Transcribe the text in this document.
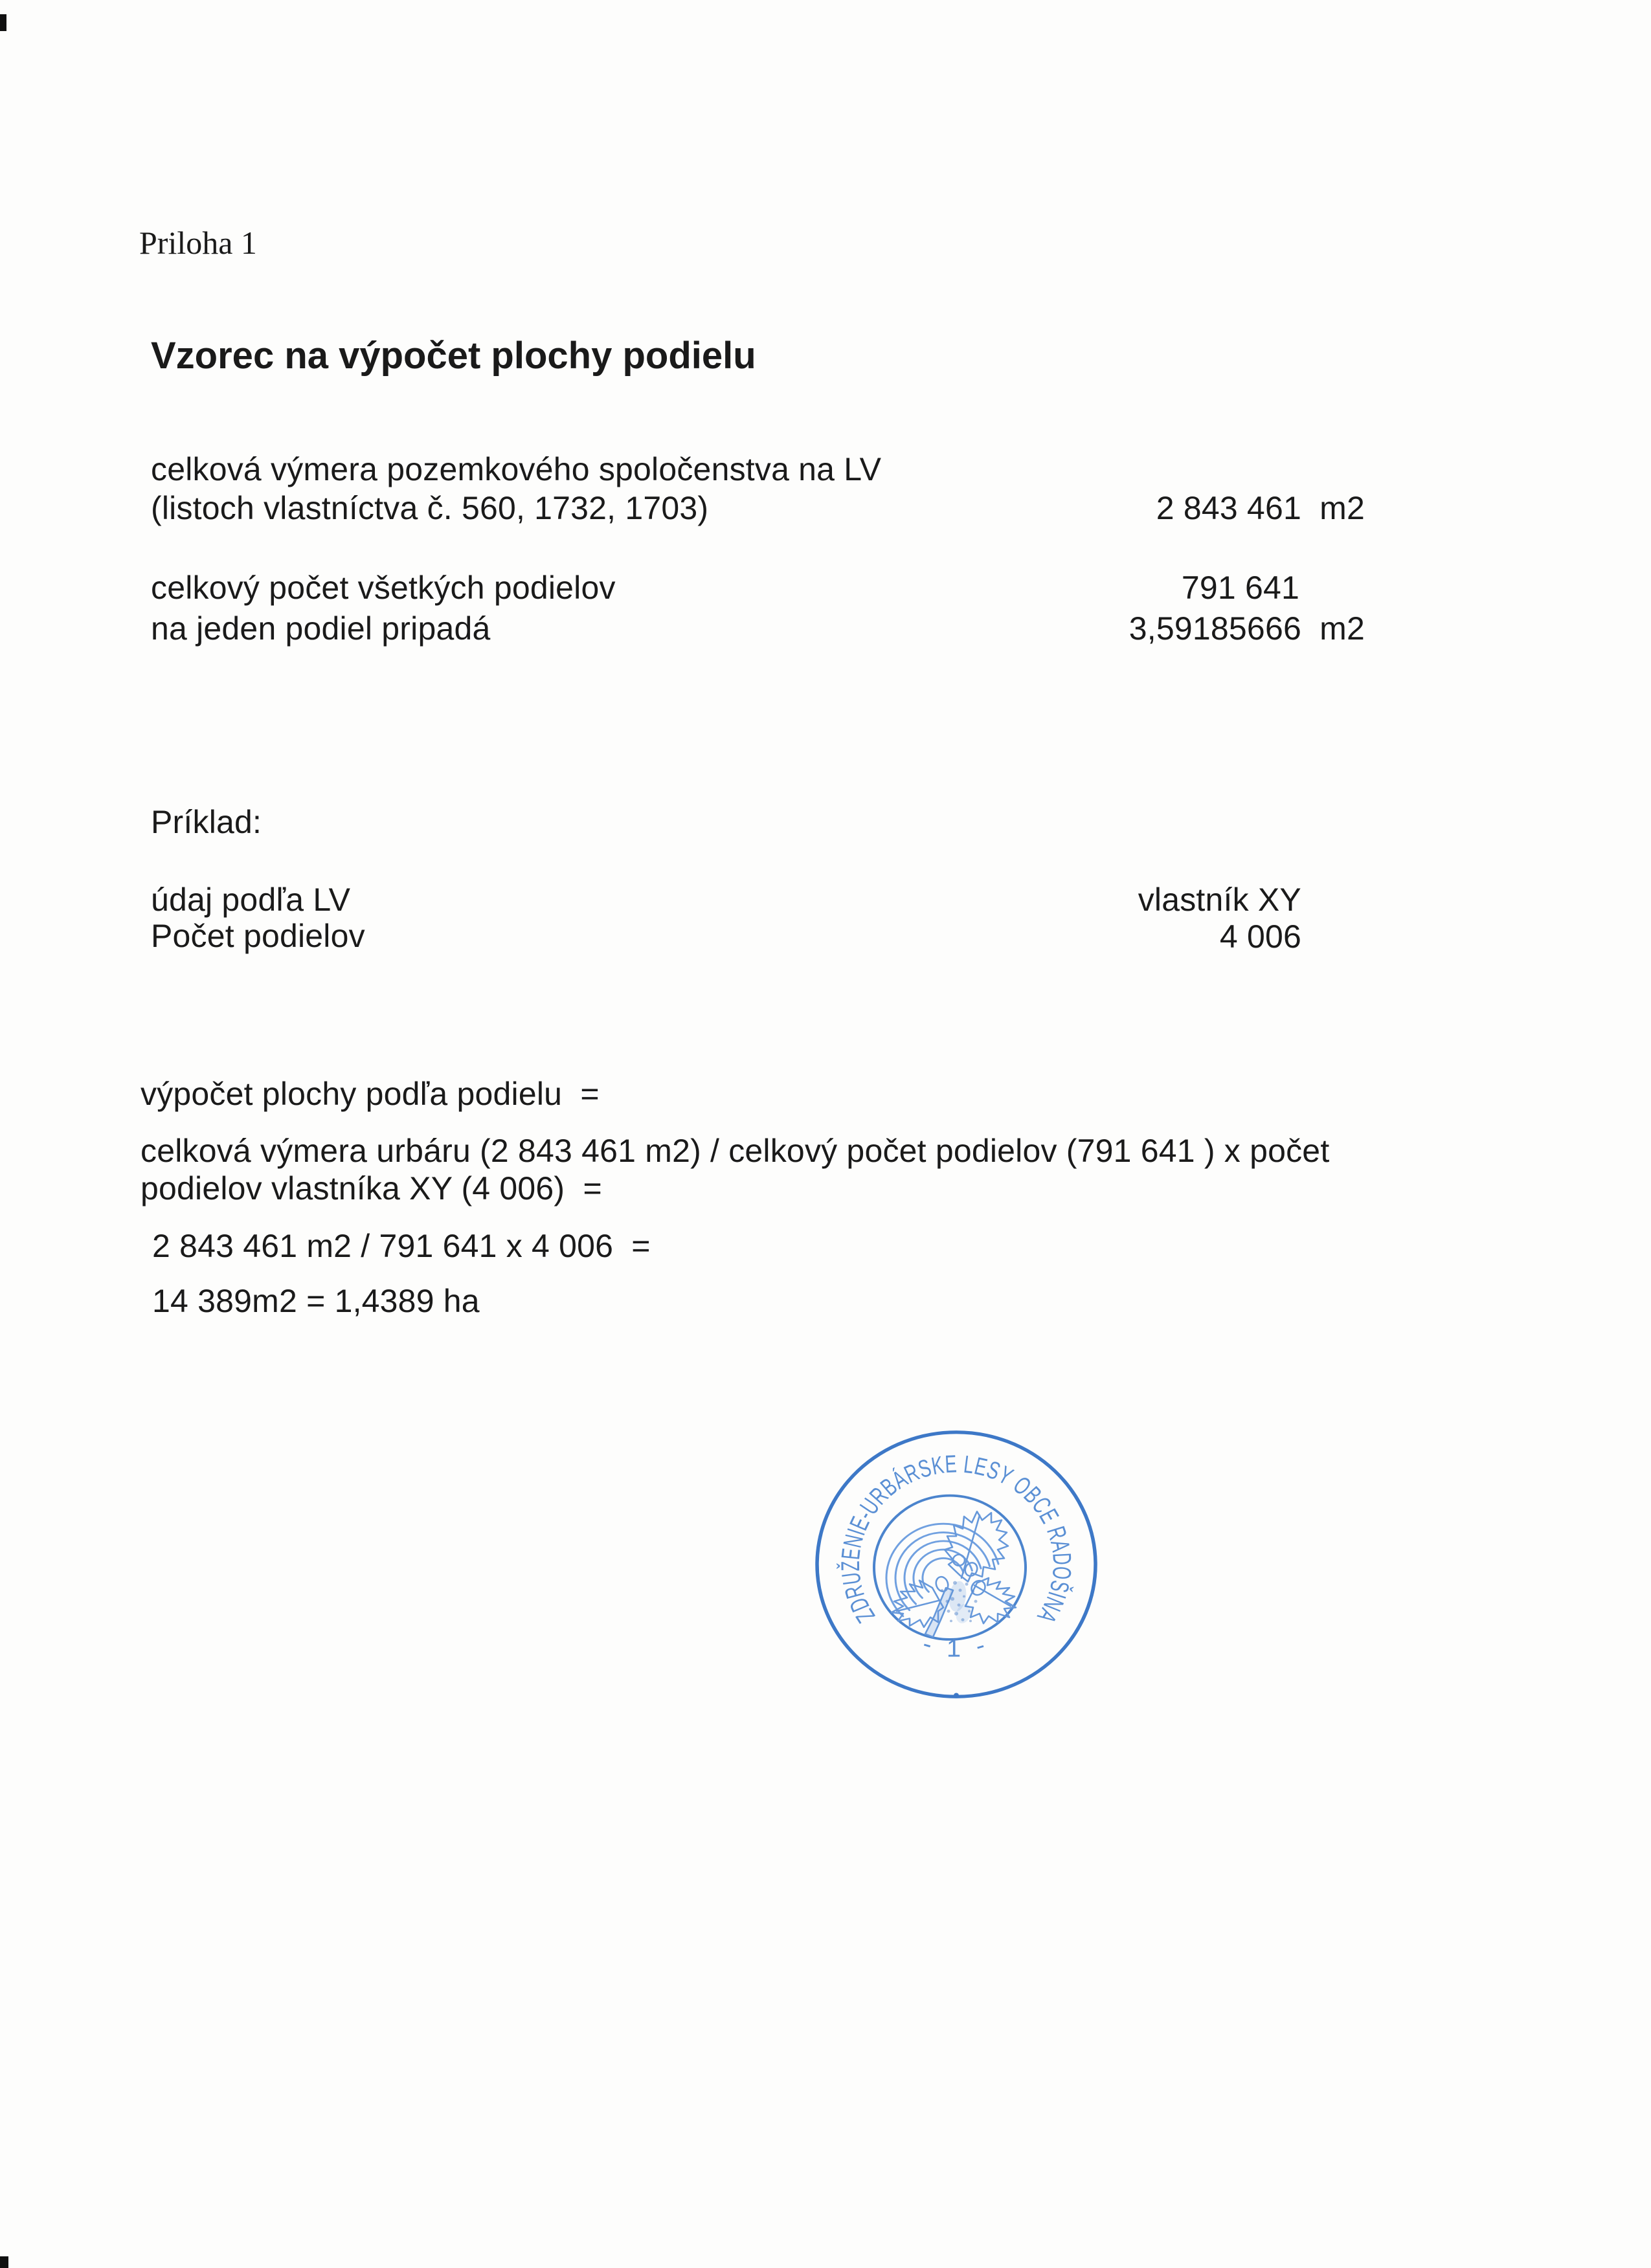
Priloha 1
Vzorec na výpočet plochy podielu
celková výmera pozemkového spoločenstva na LV
(listoch vlastníctva č. 560, 1732, 1703)	2 843 461  m2
celkový počet všetkých podielov	791 641
na jeden podiel pripadá	3,59185666  m2
Príklad:
údaj podľa LV	vlastník XY
Počet podielov	4 006
výpočet plochy podľa podielu  =
celková výmera urbáru (2 843 461 m2) / celkový počet podielov (791 641 ) x počet
podielov vlastníka XY (4 006)  =
2 843 461 m2 / 791 641 x 4 006  =
14 389m2 = 1,4389 ha
ZDRUŽENIE-URBÁRSKE LESY OBCE RADOŠINA
- 1 -
